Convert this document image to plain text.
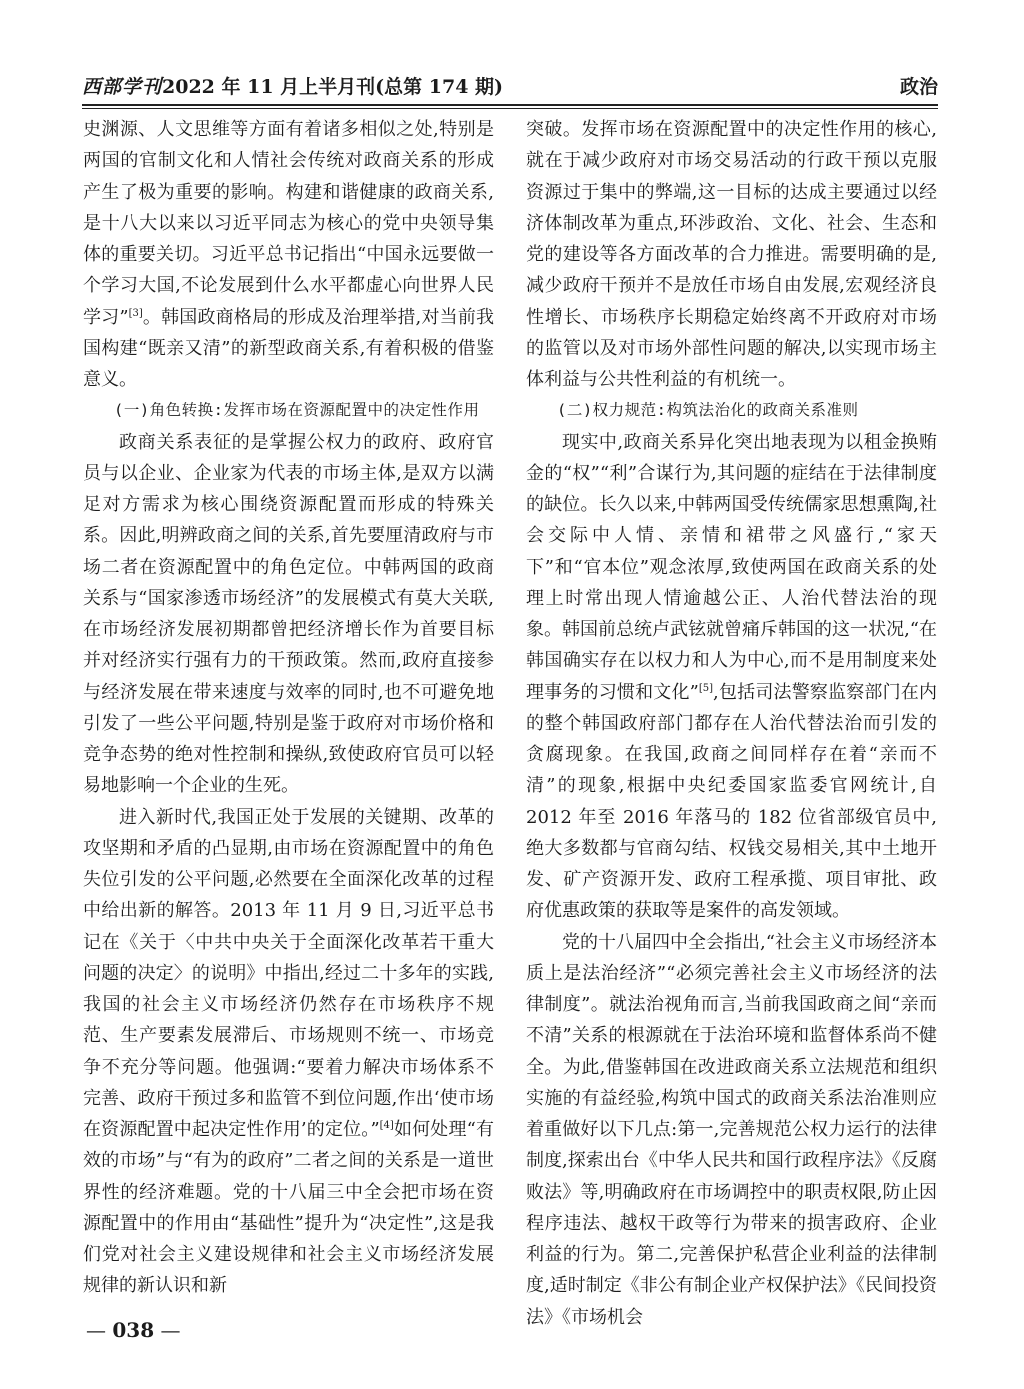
西部学刊2022 年 11 月上半月刊(总第 174 期)	政治

史渊源、人文思维等方面有着诸多相似之处,特别是两国的官制文化和人情社会传统对政商关系的形成产生了极为重要的影响。构建和谐健康的政商关系,是十八大以来以习近平同志为核心的党中央领导集体的重要关切。习近平总书记指出“中国永远要做一个学习大国,不论发展到什么水平都虚心向世界人民学习”[3]。韩国政商格局的形成及治理举措,对当前我国构建“既亲又清”的新型政商关系,有着积极的借鉴意义。

(一)角色转换:发挥市场在资源配置中的决定性作用

政商关系表征的是掌握公权力的政府、政府官员与以企业、企业家为代表的市场主体,是双方以满足对方需求为核心围绕资源配置而形成的特殊关系。因此,明辨政商之间的关系,首先要厘清政府与市场二者在资源配置中的角色定位。中韩两国的政商关系与“国家渗透市场经济”的发展模式有莫大关联,在市场经济发展初期都曾把经济增长作为首要目标并对经济实行强有力的干预政策。然而,政府直接参与经济发展在带来速度与效率的同时,也不可避免地引发了一些公平问题,特别是鉴于政府对市场价格和竞争态势的绝对性控制和操纵,致使政府官员可以轻易地影响一个企业的生死。

进入新时代,我国正处于发展的关键期、改革的攻坚期和矛盾的凸显期,由市场在资源配置中的角色失位引发的公平问题,必然要在全面深化改革的过程中给出新的解答。2013 年 11 月 9 日,习近平总书记在《关于〈中共中央关于全面深化改革若干重大问题的决定〉的说明》中指出,经过二十多年的实践,我国的社会主义市场经济仍然存在市场秩序不规范、生产要素发展滞后、市场规则不统一、市场竞争不充分等问题。他强调:“要着力解决市场体系不完善、政府干预过多和监管不到位问题,作出‘使市场在资源配置中起决定性作用’的定位。”[4]如何处理“有效的市场”与“有为的政府”二者之间的关系是一道世界性的经济难题。党的十八届三中全会把市场在资源配置中的作用由“基础性”提升为“决定性”,这是我们党对社会主义建设规律和社会主义市场经济发展规律的新认识和新

突破。发挥市场在资源配置中的决定性作用的核心,就在于减少政府对市场交易活动的行政干预以克服资源过于集中的弊端,这一目标的达成主要通过以经济体制改革为重点,环涉政治、文化、社会、生态和党的建设等各方面改革的合力推进。需要明确的是,减少政府干预并不是放任市场自由发展,宏观经济良性增长、市场秩序长期稳定始终离不开政府对市场的监管以及对市场外部性问题的解决,以实现市场主体利益与公共性利益的有机统一。

(二)权力规范:构筑法治化的政商关系准则

现实中,政商关系异化突出地表现为以租金换贿金的“权”“利”合谋行为,其问题的症结在于法律制度的缺位。长久以来,中韩两国受传统儒家思想熏陶,社会交际中人情、亲情和裙带之风盛行,“家天下”和“官本位”观念浓厚,致使两国在政商关系的处理上时常出现人情逾越公正、人治代替法治的现象。韩国前总统卢武铉就曾痛斥韩国的这一状况,“在韩国确实存在以权力和人为中心,而不是用制度来处理事务的习惯和文化”[5],包括司法警察监察部门在内的整个韩国政府部门都存在人治代替法治而引发的贪腐现象。在我国,政商之间同样存在着“亲而不清”的现象,根据中央纪委国家监委官网统计,自 2012 年至 2016 年落马的 182 位省部级官员中,绝大多数都与官商勾结、权钱交易相关,其中土地开发、矿产资源开发、政府工程承揽、项目审批、政府优惠政策的获取等是案件的高发领域。

党的十八届四中全会指出,“社会主义市场经济本质上是法治经济”“必须完善社会主义市场经济的法律制度”。就法治视角而言,当前我国政商之间“亲而不清”关系的根源就在于法治环境和监督体系尚不健全。为此,借鉴韩国在改进政商关系立法规范和组织实施的有益经验,构筑中国式的政商关系法治准则应着重做好以下几点:第一,完善规范公权力运行的法律制度,探索出台《中华人民共和国行政程序法》《反腐败法》等,明确政府在市场调控中的职责权限,防止因程序违法、越权干政等行为带来的损害政府、企业利益的行为。第二,完善保护私营企业利益的法律制度,适时制定《非公有制企业产权保护法》《民间投资法》《市场机会

— 038 —
